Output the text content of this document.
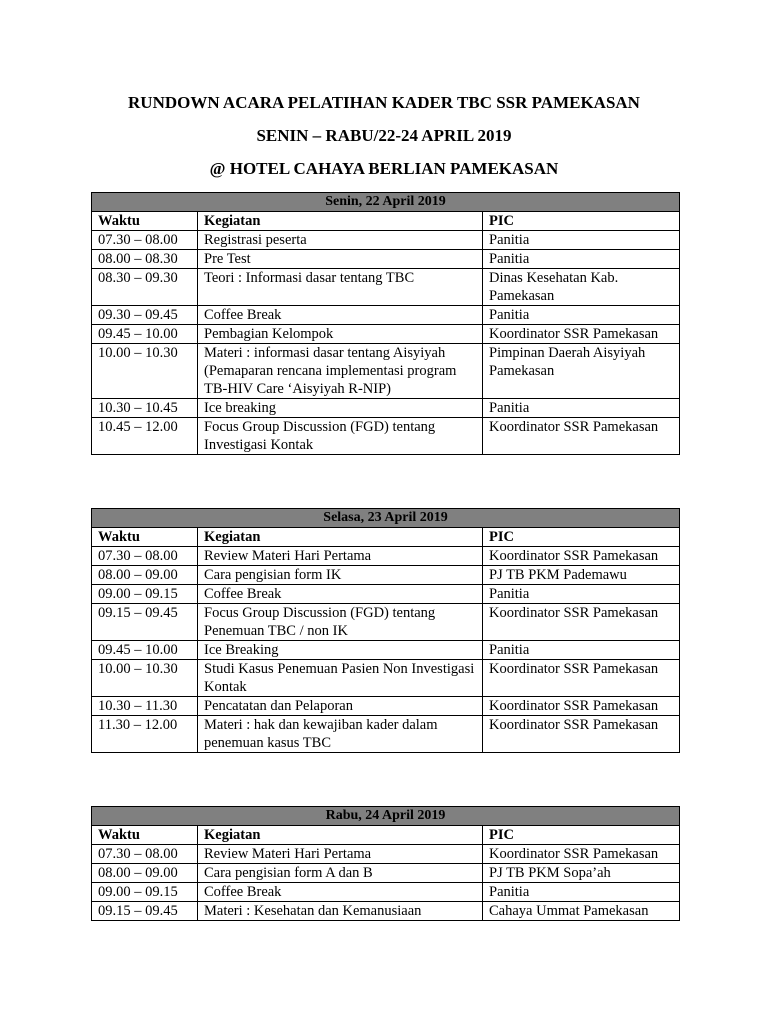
RUNDOWN ACARA PELATIHAN KADER TBC SSR PAMEKASAN
SENIN – RABU/22-24 APRIL 2019
@ HOTEL CAHAYA BERLIAN PAMEKASAN
Senin, 22 April 2019		
Waktu	Kegiatan	PIC
07.30 – 08.00	Registrasi peserta	Panitia
08.00 – 08.30	Pre Test	Panitia
08.30 – 09.30	Teori : Informasi dasar tentang TBC	Dinas Kesehatan Kab. Pamekasan
09.30 – 09.45	Coffee Break	Panitia
09.45 – 10.00	Pembagian Kelompok	Koordinator SSR Pamekasan
10.00 – 10.30	Materi : informasi dasar tentang Aisyiyah (Pemaparan rencana implementasi program TB-HIV Care ‘Aisyiyah R-NIP)	Pimpinan Daerah Aisyiyah Pamekasan
10.30 – 10.45	Ice breaking	Panitia
10.45 – 12.00	Focus Group Discussion (FGD) tentang Investigasi Kontak	Koordinator SSR Pamekasan
Selasa, 23 April 2019		
Waktu	Kegiatan	PIC
07.30 – 08.00	Review Materi Hari Pertama	Koordinator SSR Pamekasan
08.00 – 09.00	Cara pengisian form IK	PJ TB PKM Pademawu
09.00 – 09.15	Coffee Break	Panitia
09.15 – 09.45	Focus Group Discussion (FGD) tentang Penemuan TBC / non IK	Koordinator SSR Pamekasan
09.45 – 10.00	Ice Breaking	Panitia
10.00 – 10.30	Studi Kasus Penemuan Pasien Non Investigasi Kontak	Koordinator SSR Pamekasan
10.30 – 11.30	Pencatatan dan Pelaporan	Koordinator SSR Pamekasan
11.30 – 12.00	Materi : hak dan kewajiban kader dalam penemuan kasus TBC	Koordinator SSR Pamekasan
Rabu, 24 April 2019		
Waktu	Kegiatan	PIC
07.30 – 08.00	Review Materi Hari Pertama	Koordinator SSR Pamekasan
08.00 – 09.00	Cara pengisian form A dan B	PJ TB PKM Sopa’ah
09.00 – 09.15	Coffee Break	Panitia
09.15 – 09.45	Materi : Kesehatan dan Kemanusiaan	Cahaya Ummat Pamekasan
